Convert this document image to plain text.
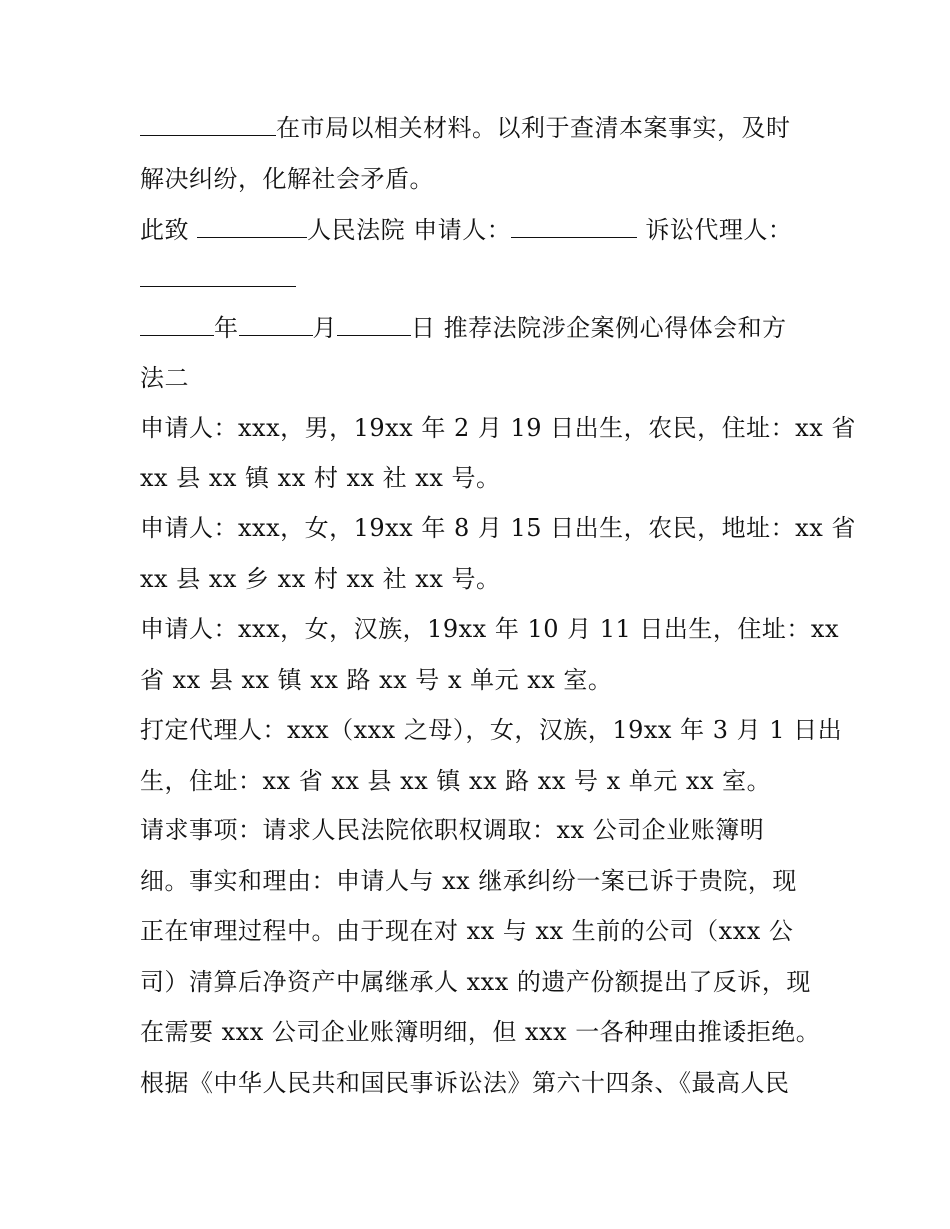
在市局以相关材料。以利于查清本案事实，及时
解决纠纷，化解社会矛盾。
此致	人民法院 申请人：	诉讼代理人：
年	月	日 推荐法院涉企案例心得体会和方
法二
申请人：xxx，男，19xx 年 2 月 19 日出生，农民，住址：xx 省
xx 县 xx 镇 xx 村 xx 社 xx 号。
申请人：xxx，女，19xx 年 8 月 15 日出生，农民，地址：xx 省
xx 县 xx 乡 xx 村 xx 社 xx 号。
申请人：xxx，女，汉族，19xx 年 10 月 11 日出生，住址：xx
省 xx 县 xx 镇 xx 路 xx 号 x 单元 xx 室。
打定代理人：xxx（xxx 之母），女，汉族，19xx 年 3 月 1 日出
生，住址：xx 省 xx 县 xx 镇 xx 路 xx 号 x 单元 xx 室。
请求事项：请求人民法院依职权调取：xx 公司企业账簿明
细。事实和理由：申请人与 xx 继承纠纷一案已诉于贵院，现
正在审理过程中。由于现在对 xx 与 xx 生前的公司（xxx 公
司）清算后净资产中属继承人 xxx 的遗产份额提出了反诉，现
在需要 xxx 公司企业账簿明细，但 xxx 一各种理由推诿拒绝。
根据《中华人民共和国民事诉讼法》第六十四条、《最高人民
